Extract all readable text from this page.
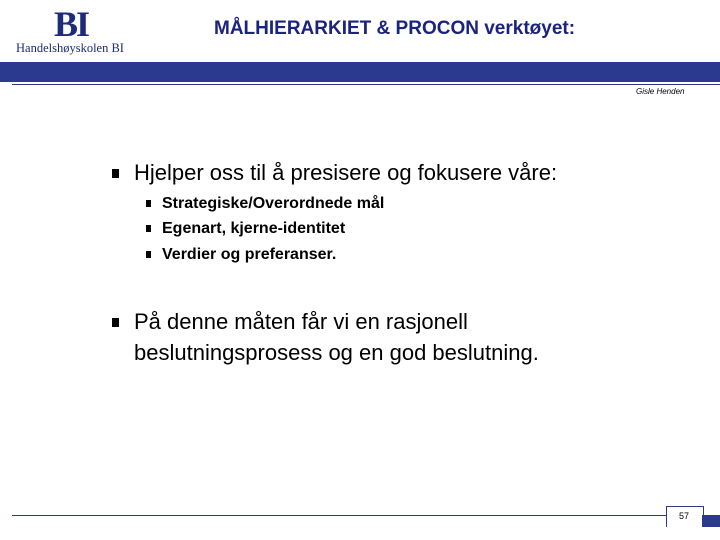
BI
Handelshøyskolen BI
MÅLHIERARKIET & PROCON verktøyet:
Gisle Henden
Hjelper oss til å presisere og fokusere våre:
Strategiske/Overordnede mål
Egenart, kjerne-identitet
Verdier og preferanser.
På denne måten får vi en rasjonell
beslutningsprosess og en god beslutning.
57
